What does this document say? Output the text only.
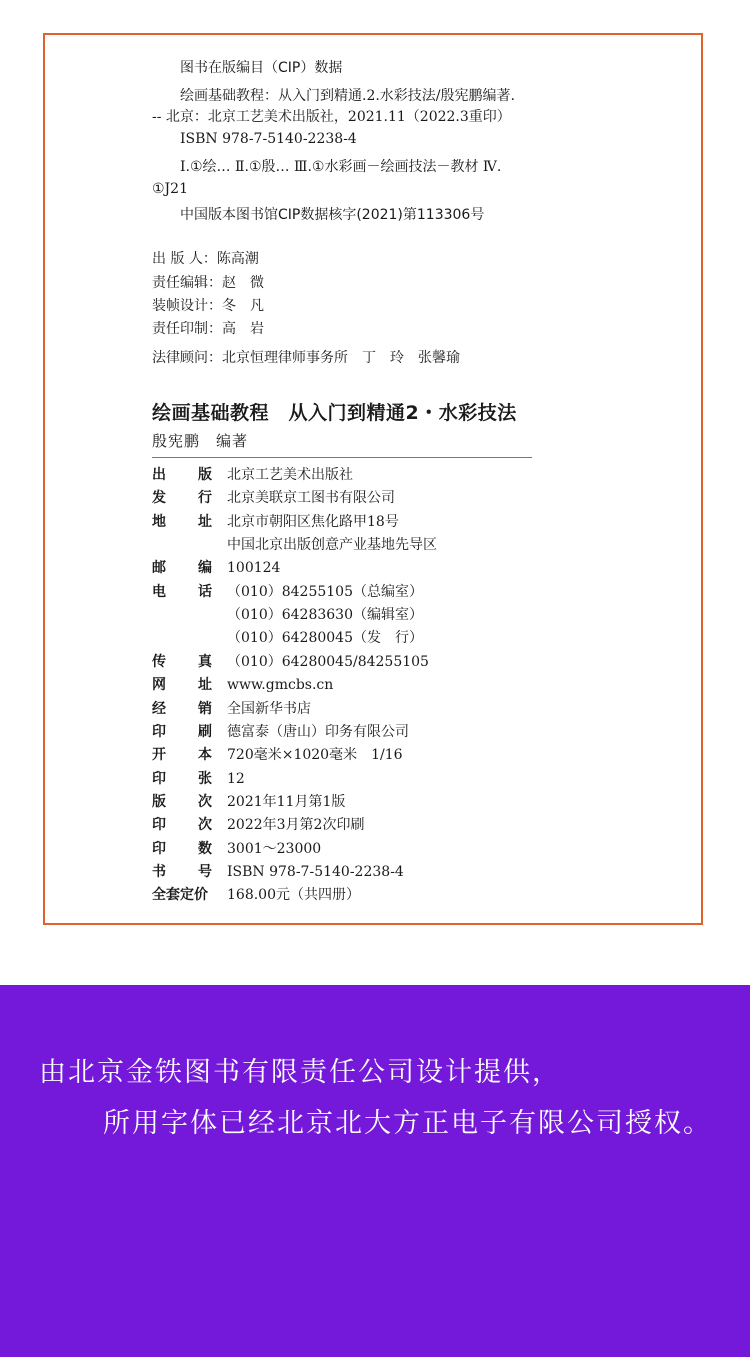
图书在版编目（CIP）数据
绘画基础教程：从入门到精通.2.水彩技法/殷宪鹏编著.
-- 北京：北京工艺美术出版社，2021.11（2022.3重印）
ISBN 978-7-5140-2238-4
Ⅰ.①绘… Ⅱ.①殷… Ⅲ.①水彩画－绘画技法－教材 Ⅳ.
①J21
中国版本图书馆CIP数据核字(2021)第113306号
出 版 人：陈高潮
责任编辑：赵　微
装帧设计：冬　凡
责任印制：高　岩
法律顾问：北京恒理律师事务所　丁　玲　张馨瑜
绘画基础教程　从入门到精通2・水彩技法
殷宪鹏　编著
出 版 北京工艺美术出版社
发 行 北京美联京工图书有限公司
地 址 北京市朝阳区焦化路甲18号
中国北京出版创意产业基地先导区
邮 编 100124
电 话 （010）84255105（总编室）
（010）64283630（编辑室）
（010）64280045（发　行）
传 真 （010）64280045/84255105
网 址 www.gmcbs.cn
经 销 全国新华书店
印 刷 德富泰（唐山）印务有限公司
开 本 720毫米×1020毫米　1/16
印 张 12
版 次 2021年11月第1版
印 次 2022年3月第2次印刷
印 数 3001～23000
书 号 ISBN 978-7-5140-2238-4
全套定价 168.00元（共四册）
由北京金铁图书有限责任公司设计提供，
所用字体已经北京北大方正电子有限公司授权。
